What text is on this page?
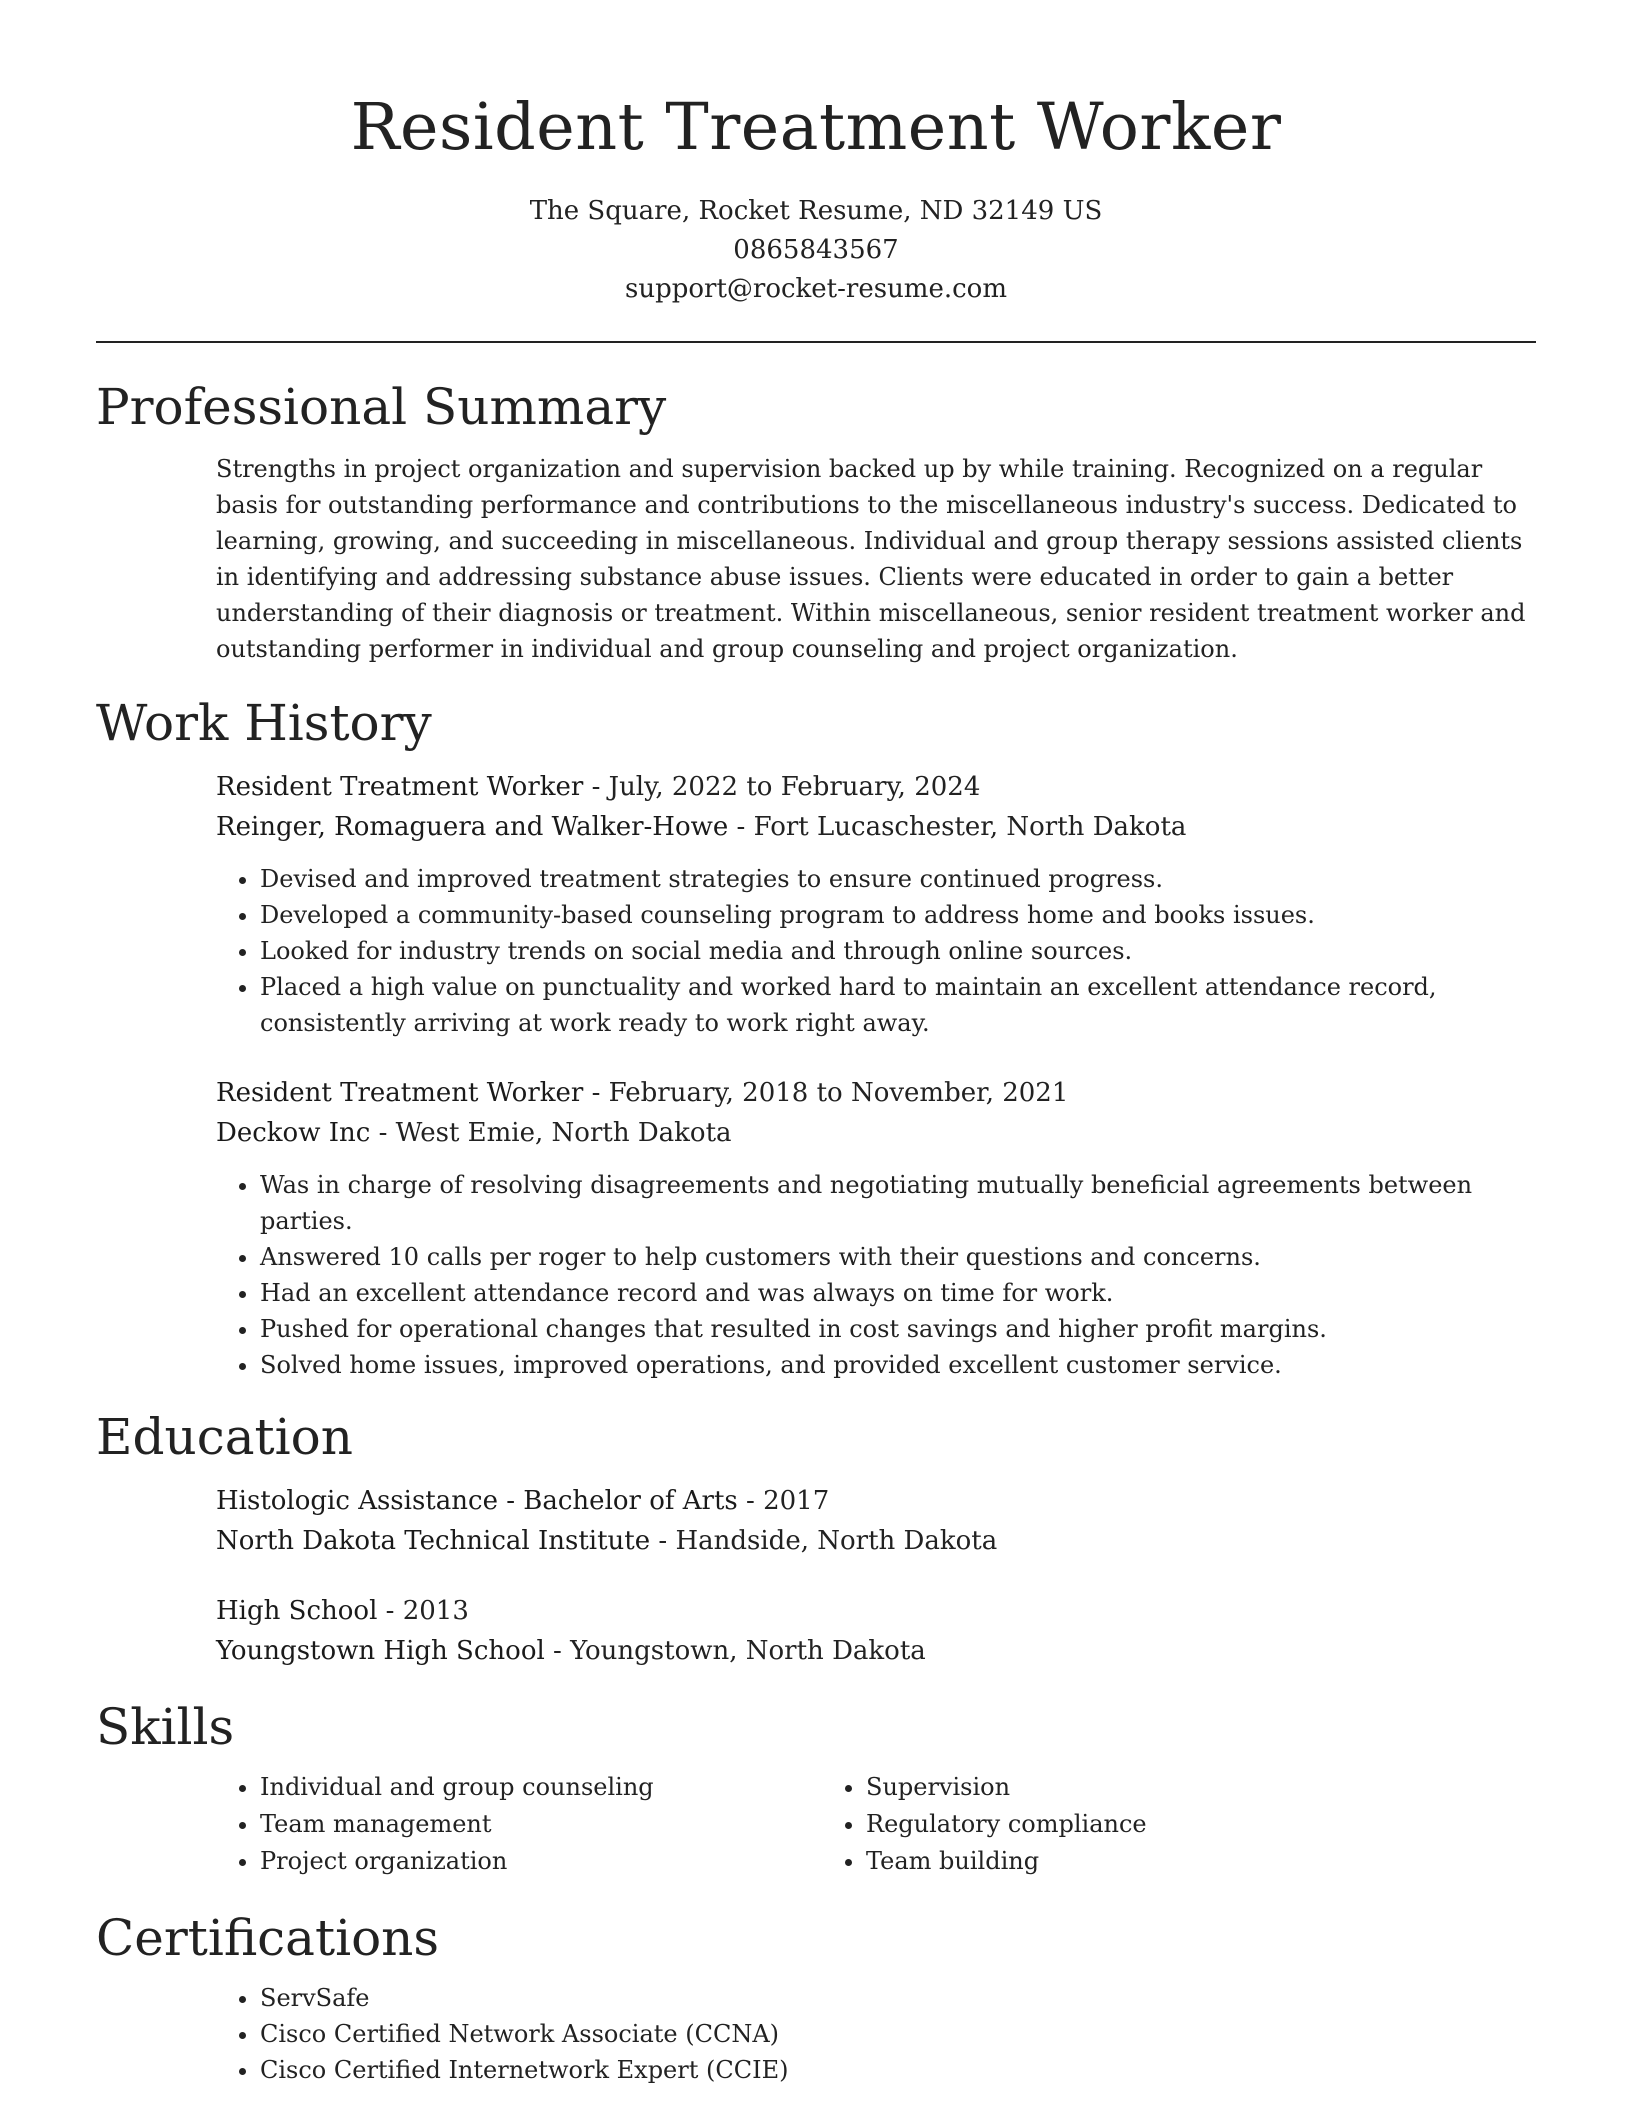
Resident Treatment Worker
The Square, Rocket Resume, ND 32149 US
0865843567
support@rocket-resume.com
Professional Summary

Strengths in project organization and supervision backed up by while training. Recognized on a regular basis for outstanding performance and contributions to the miscellaneous industry's success. Dedicated to learning, growing, and succeeding in miscellaneous. Individual and group therapy sessions assisted clients in identifying and addressing substance abuse issues. Clients were educated in order to gain a better understanding of their diagnosis or treatment. Within miscellaneous, senior resident treatment worker and outstanding performer in individual and group counseling and project organization.

Work History
Resident Treatment Worker - July, 2022 to February, 2024
Reinger, Romaguera and Walker-Howe - Fort Lucaschester, North Dakota
• Devised and improved treatment strategies to ensure continued progress.
• Developed a community-based counseling program to address home and books issues.
• Looked for industry trends on social media and through online sources.
• Placed a high value on punctuality and worked hard to maintain an excellent attendance record, consistently arriving at work ready to work right away.
Resident Treatment Worker - February, 2018 to November, 2021
Deckow Inc - West Emie, North Dakota
• Was in charge of resolving disagreements and negotiating mutually beneficial agreements between parties.
• Answered 10 calls per roger to help customers with their questions and concerns.
• Had an excellent attendance record and was always on time for work.
• Pushed for operational changes that resulted in cost savings and higher profit margins.
• Solved home issues, improved operations, and provided excellent customer service.
Education
Histologic Assistance - Bachelor of Arts - 2017
North Dakota Technical Institute - Handside, North Dakota
High School - 2013
Youngstown High School - Youngstown, North Dakota
Skills
• Individual and group counseling
• Team management
• Project organization
• Supervision
• Regulatory compliance
• Team building
Certifications
• ServSafe
• Cisco Certified Network Associate (CCNA)
• Cisco Certified Internetwork Expert (CCIE)
